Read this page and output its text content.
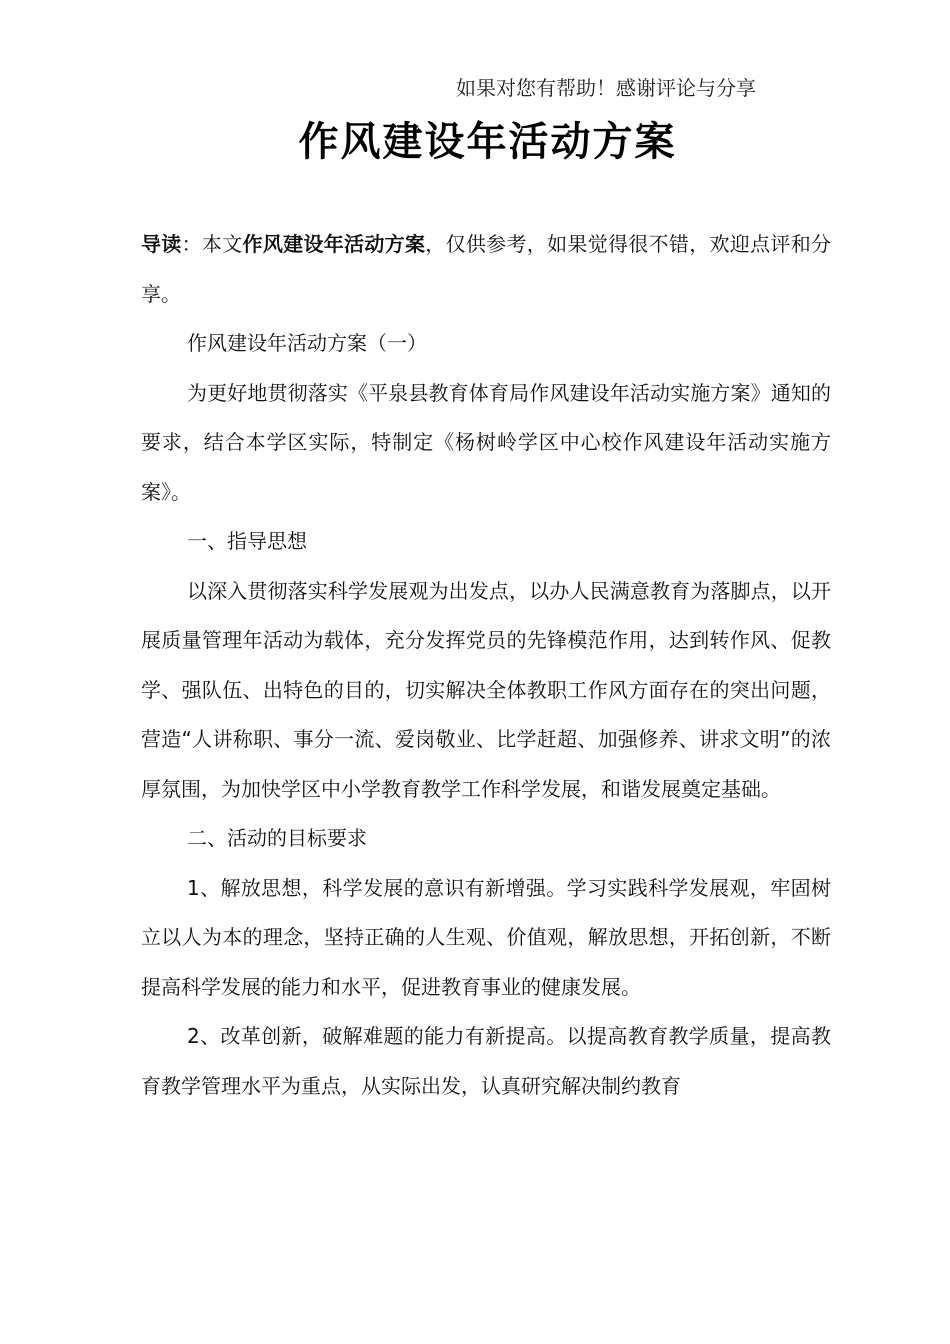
如果对您有帮助！感谢评论与分享
作风建设年活动方案

导读：本文作风建设年活动方案，仅供参考，如果觉得很不错，欢迎点评和分享。

作风建设年活动方案（一）

为更好地贯彻落实《平泉县教育体育局作风建设年活动实施方案》通知的要求，结合本学区实际，特制定《杨树岭学区中心校作风建设年活动实施方案》。

一、指导思想

以深入贯彻落实科学发展观为出发点，以办人民满意教育为落脚点，以开展质量管理年活动为载体，充分发挥党员的先锋模范作用，达到转作风、促教学、强队伍、出特色的目的，切实解决全体教职工作风方面存在的突出问题，营造“人讲称职、事分一流、爱岗敬业、比学赶超、加强修养、讲求文明”的浓厚氛围，为加快学区中小学教育教学工作科学发展，和谐发展奠定基础。

二、活动的目标要求

1、解放思想，科学发展的意识有新增强。学习实践科学发展观，牢固树立以人为本的理念，坚持正确的人生观、价值观，解放思想，开拓创新，不断提高科学发展的能力和水平，促进教育事业的健康发展。

2、改革创新，破解难题的能力有新提高。以提高教育教学质量，提高教育教学管理水平为重点，从实际出发，认真研究解决制约教育
